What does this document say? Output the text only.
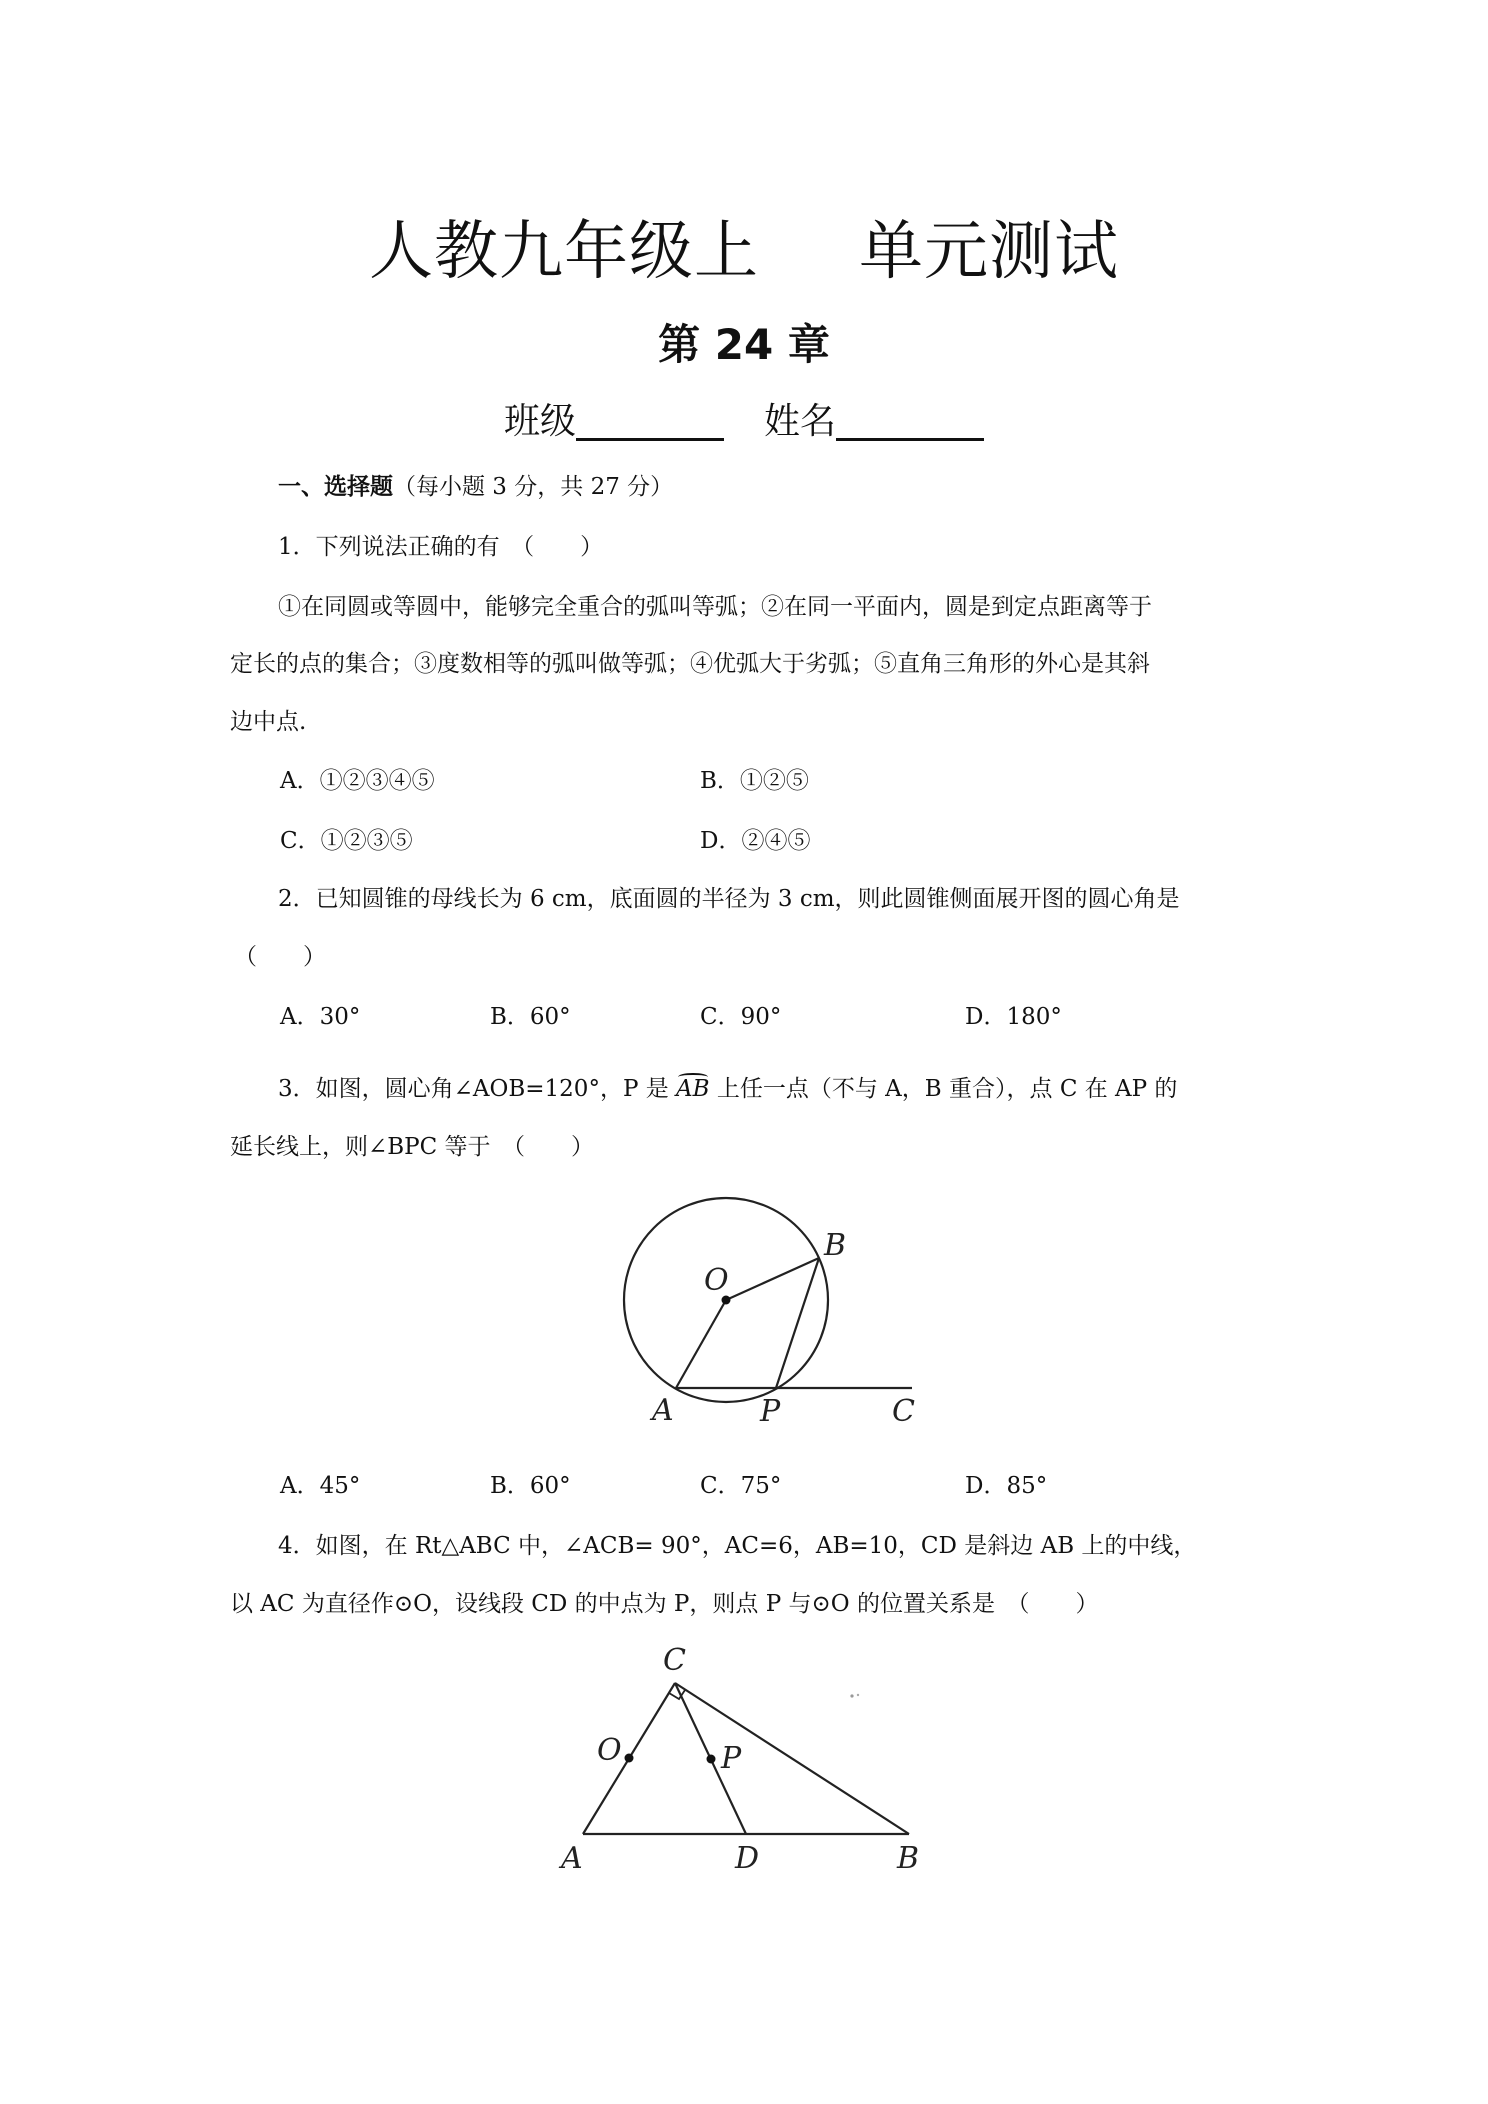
人教九年级上 单元测试
第 24 章
班级	姓名
一、选择题（每小题 3 分，共 27 分）
1．下列说法正确的有　（　　）
①在同圆或等圆中，能够完全重合的弧叫等弧；②在同一平面内，圆是到定点距离等于
定长的点的集合；③度数相等的弧叫做等弧；④优弧大于劣弧；⑤直角三角形的外心是其斜
边中点.
A．①②③④⑤	B．①②⑤
C．①②③⑤	D．②④⑤
2．已知圆锥的母线长为 6 cm，底面圆的半径为 3 cm，则此圆锥侧面展开图的圆心角是
（　　）
A．30°	B．60°	C．90°	D．180°
3．如图，圆心角∠AOB=120°，P 是
AB 上任一点（不与 A，B 重合），点 C 在 AP 的
延长线上，则∠BPC 等于　（　　）
O
B
A	P	C
A．45°	B．60°	C．75°	D．85°
4．如图，在 Rt△ABC 中，∠ACB= 90°，AC=6，AB=10，CD 是斜边 AB 上的中线，
以 AC 为直径作⊙O，设线段 CD 的中点为 P，则点 P 与⊙O 的位置关系是　（　　）
C
O	P
A	D	B
